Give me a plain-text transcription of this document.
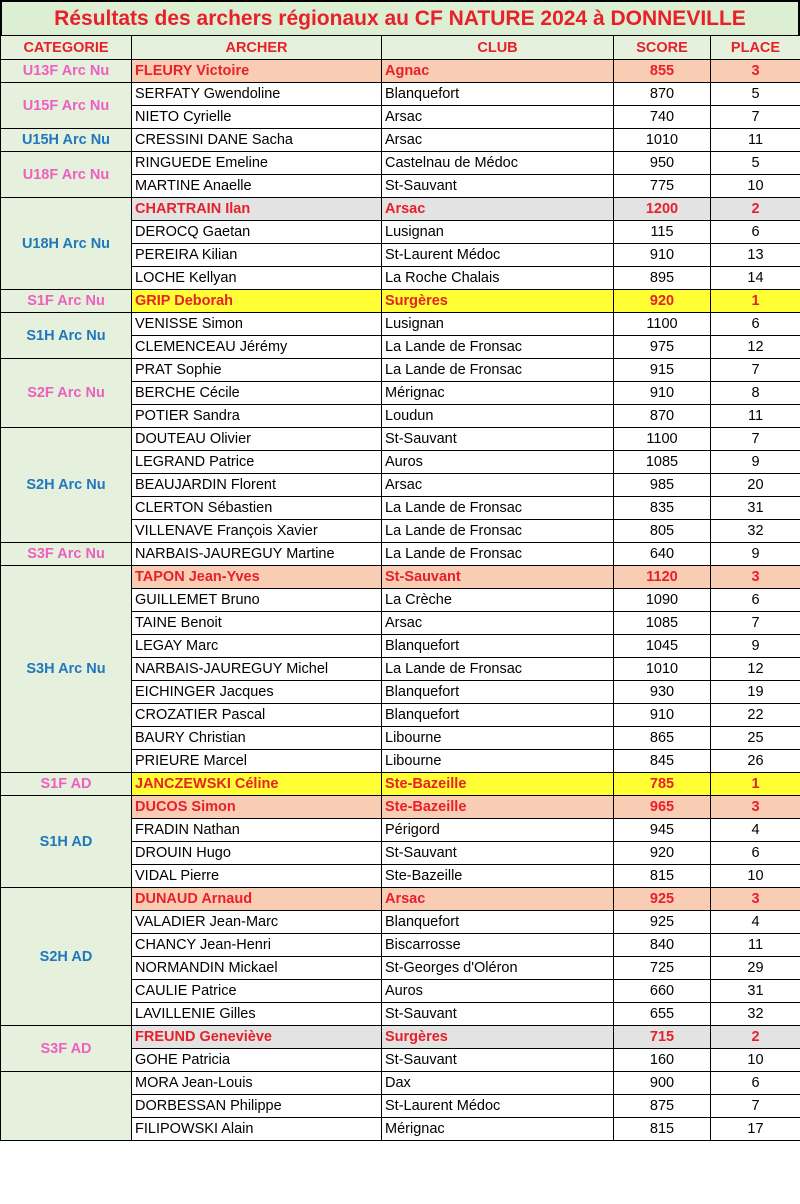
Résultats des archers régionaux au CF NATURE 2024 à DONNEVILLE
CATEGORIE	ARCHER	CLUB	SCORE	PLACE
U13F Arc Nu	FLEURY Victoire	Agnac	855	3
U15F Arc Nu	SERFATY Gwendoline	Blanquefort	870	5
	NIETO Cyrielle	Arsac	740	7
U15H Arc Nu	CRESSINI DANE Sacha	Arsac	1010	11
U18F Arc Nu	RINGUEDE Emeline	Castelnau de Médoc	950	5
	MARTINE Anaelle	St-Sauvant	775	10
U18H Arc Nu	CHARTRAIN Ilan	Arsac	1200	2
	DEROCQ Gaetan	Lusignan	115	6
	PEREIRA Kilian	St-Laurent Médoc	910	13
	LOCHE Kellyan	La Roche Chalais	895	14
S1F Arc Nu	GRIP Deborah	Surgères	920	1
S1H Arc Nu	VENISSE Simon	Lusignan	1100	6
	CLEMENCEAU Jérémy	La Lande de Fronsac	975	12
S2F Arc Nu	PRAT Sophie	La Lande de Fronsac	915	7
	BERCHE Cécile	Mérignac	910	8
	POTIER Sandra	Loudun	870	11
S2H Arc Nu	DOUTEAU Olivier	St-Sauvant	1100	7
	LEGRAND Patrice	Auros	1085	9
	BEAUJARDIN Florent	Arsac	985	20
	CLERTON Sébastien	La Lande de Fronsac	835	31
	VILLENAVE François Xavier	La Lande de Fronsac	805	32
S3F Arc Nu	NARBAIS-JAUREGUY Martine	La Lande de Fronsac	640	9
S3H Arc Nu	TAPON Jean-Yves	St-Sauvant	1120	3
	GUILLEMET Bruno	La Crèche	1090	6
	TAINE Benoit	Arsac	1085	7
	LEGAY Marc	Blanquefort	1045	9
	NARBAIS-JAUREGUY Michel	La Lande de Fronsac	1010	12
	EICHINGER Jacques	Blanquefort	930	19
	CROZATIER Pascal	Blanquefort	910	22
	BAURY Christian	Libourne	865	25
	PRIEURE Marcel	Libourne	845	26
S1F AD	JANCZEWSKI Céline	Ste-Bazeille	785	1
S1H AD	DUCOS Simon	Ste-Bazeille	965	3
	FRADIN Nathan	Périgord	945	4
	DROUIN Hugo	St-Sauvant	920	6
	VIDAL Pierre	Ste-Bazeille	815	10
S2H AD	DUNAUD Arnaud	Arsac	925	3
	VALADIER Jean-Marc	Blanquefort	925	4
	CHANCY Jean-Henri	Biscarrosse	840	11
	NORMANDIN Mickael	St-Georges d'Oléron	725	29
	CAULIE Patrice	Auros	660	31
	LAVILLENIE Gilles	St-Sauvant	655	32
S3F AD	FREUND Geneviève	Surgères	715	2
	GOHE Patricia	St-Sauvant	160	10
	MORA Jean-Louis	Dax	900	6
	DORBESSAN Philippe	St-Laurent Médoc	875	7
	FILIPOWSKI Alain	Mérignac	815	17
